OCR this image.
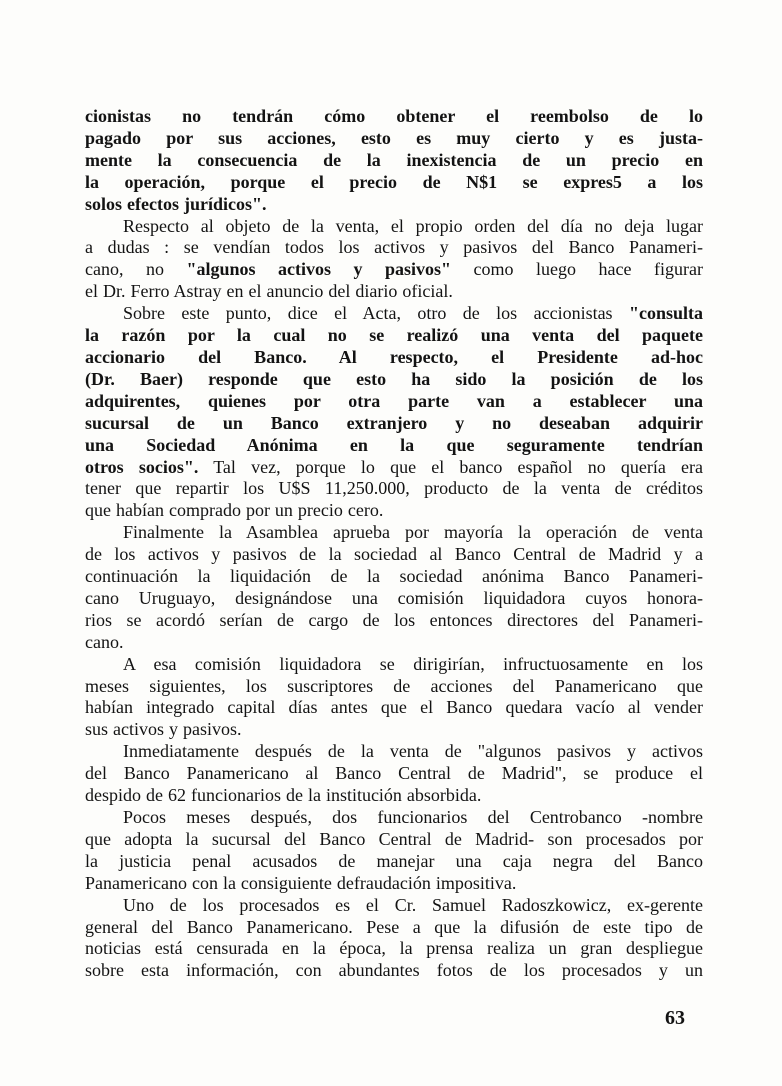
cionistas no tendrán cómo obtener el reembolso de lo
pagado por sus acciones, esto es muy cierto y es justa-
mente la consecuencia de la inexistencia de un precio en
la operación, porque el precio de N$1 se expres5 a los
solos efectos jurídicos".
Respecto al objeto de la venta, el propio orden del día no deja lugar
a dudas : se vendían todos los activos y pasivos del Banco Panameri-
cano, no "algunos activos y pasivos" como luego hace figurar
el Dr. Ferro Astray en el anuncio del diario oficial.
Sobre este punto, dice el Acta, otro de los accionistas "consulta
la razón por la cual no se realizó una venta del paquete
accionario del Banco. Al respecto, el Presidente ad-hoc
(Dr. Baer) responde que esto ha sido la posición de los
adquirentes, quienes por otra parte van a establecer una
sucursal de un Banco extranjero y no deseaban adquirir
una Sociedad Anónima en la que seguramente tendrían
otros socios". Tal vez, porque lo que el banco español no quería era
tener que repartir los U$S 11,250.000, producto de la venta de créditos
que habían comprado por un precio cero.
Finalmente la Asamblea aprueba por mayoría la operación de venta
de los activos y pasivos de la sociedad al Banco Central de Madrid y a
continuación la liquidación de la sociedad anónima Banco Panameri-
cano Uruguayo, designándose una comisión liquidadora cuyos honora-
rios se acordó serían de cargo de los entonces directores del Panameri-
cano.
A esa comisión liquidadora se dirigirían, infructuosamente en los
meses siguientes, los suscriptores de acciones del Panamericano que
habían integrado capital días antes que el Banco quedara vacío al vender
sus activos y pasivos.
Inmediatamente después de la venta de "algunos pasivos y activos
del Banco Panamericano al Banco Central de Madrid", se produce el
despido de 62 funcionarios de la institución absorbida.
Pocos meses después, dos funcionarios del Centrobanco -nombre
que adopta la sucursal del Banco Central de Madrid- son procesados por
la justicia penal acusados de manejar una caja negra del Banco
Panamericano con la consiguiente defraudación impositiva.
Uno de los procesados es el Cr. Samuel Radoszkowicz, ex-gerente
general del Banco Panamericano. Pese a que la difusión de este tipo de
noticias está censurada en la época, la prensa realiza un gran despliegue
sobre esta información, con abundantes fotos de los procesados y un
63
